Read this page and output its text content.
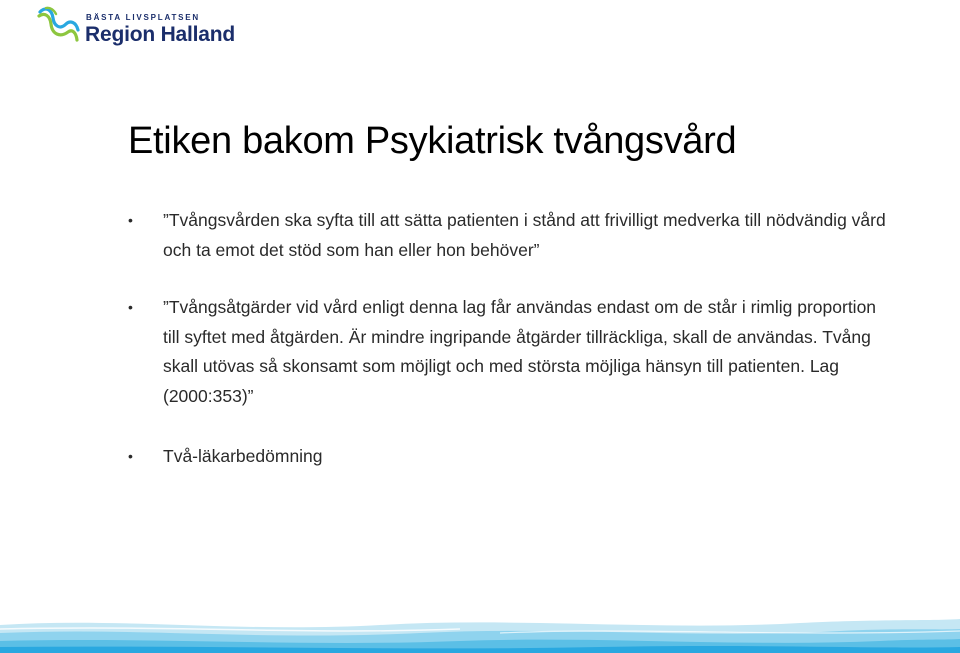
BÄSTA LIVSPLATSEN
Region Halland
Etiken bakom Psykiatrisk tvångsvård
• ”Tvångsvården ska syfta till att sätta patienten i stånd att frivilligt medverka till nödvändig vård och ta emot det stöd som han eller hon behöver”
• ”Tvångsåtgärder vid vård enligt denna lag får användas endast om de står i rimlig proportion till syftet med åtgärden. Är mindre ingripande åtgärder tillräckliga, skall de användas. Tvång skall utövas så skonsamt som möjligt och med största möjliga hänsyn till patienten. Lag (2000:353)”
• Två-läkarbedömning
